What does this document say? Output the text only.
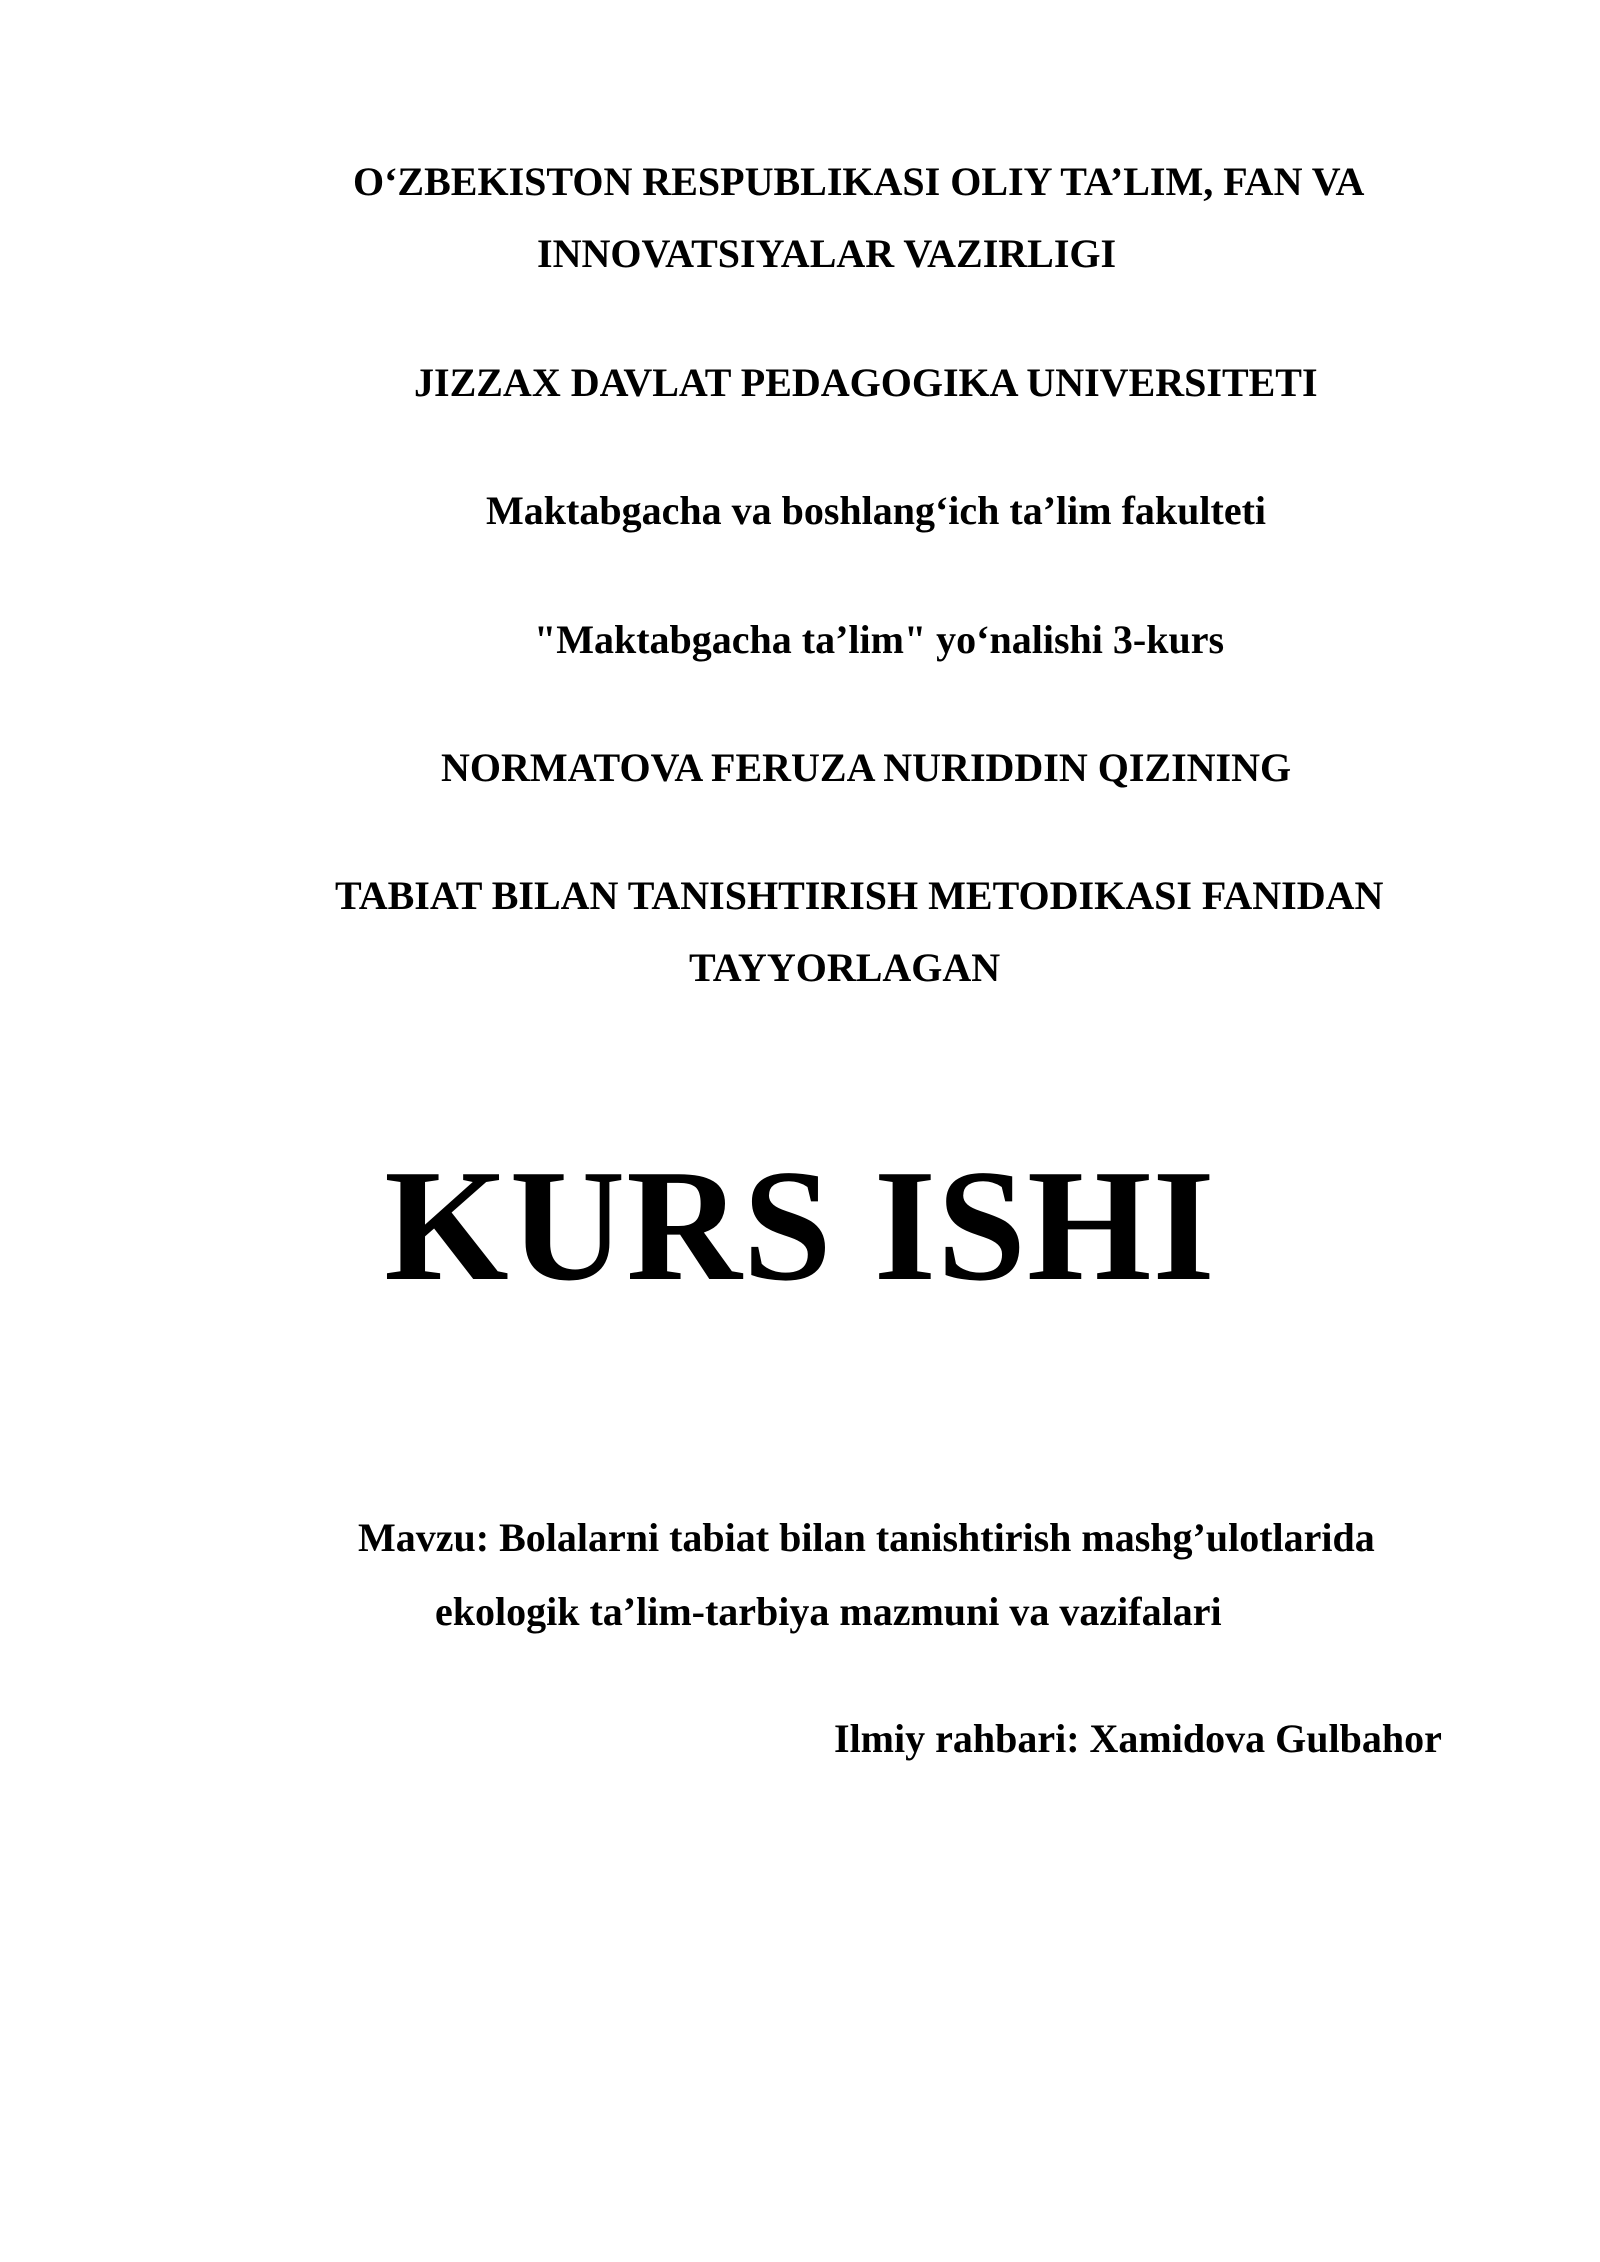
O‘ZBEKISTON RESPUBLIKASI OLIY TA’LIM, FAN VA
INNOVATSIYALAR VAZIRLIGI
JIZZAX DAVLAT PEDAGOGIKA UNIVERSITETI
Maktabgacha va boshlang‘ich ta’lim fakulteti
"Maktabgacha ta’lim" yo‘nalishi 3-kurs
NORMATOVA FERUZA NURIDDIN QIZINING
TABIAT BILAN TANISHTIRISH METODIKASI FANIDAN
TAYYORLAGAN
KURS ISHI
Mavzu: Bolalarni tabiat bilan tanishtirish mashg’ulotlarida
ekologik ta’lim-tarbiya mazmuni va vazifalari
Ilmiy rahbari: Xamidova Gulbahor
